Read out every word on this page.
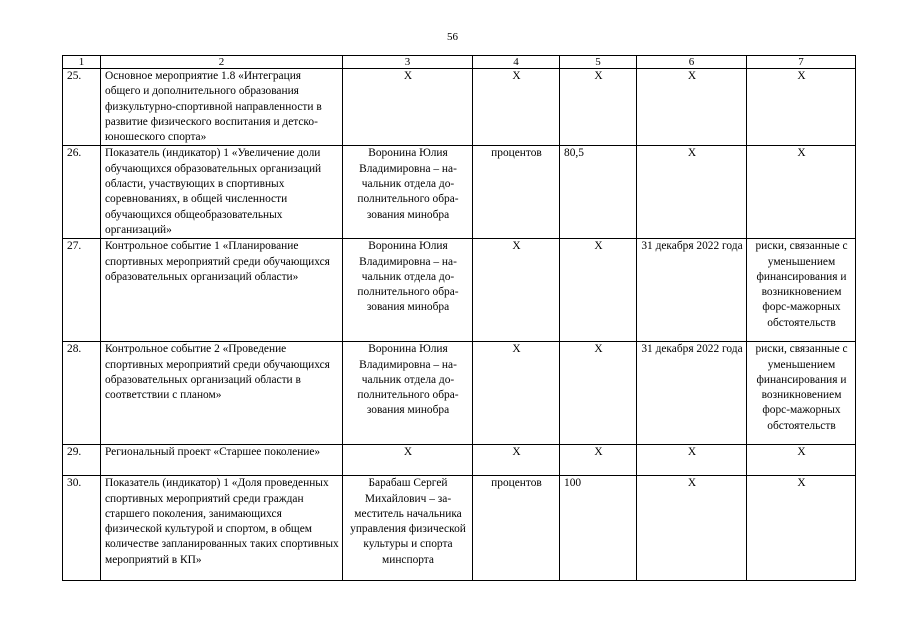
56
1	2	3	4	5	6	7
25.	Основное мероприятие 1.8 «Интеграция общего и дополнительного образования физкультурно-спортивной направленности в развитие физического воспитания и детско-юношеского спорта»	Х	Х	Х	Х	Х
26.	Показатель (индикатор) 1 «Увеличение доли обучающихся образовательных организаций области, участвующих в спортивных соревнованиях, в общей численности обучающихся общеобразовательных организаций»	Воронина Юлия Владимировна – начальник отдела дополнительного образования минобра	процентов	80,5	Х	Х
27.	Контрольное событие 1 «Планирование спортивных мероприятий среди обучающихся образовательных организаций области»	Воронина Юлия Владимировна – начальник отдела дополнительного образования минобра	Х	Х	31 декабря 2022 года	риски, связанные с уменьшением финансирования и возникновением форс-мажорных обстоятельств
28.	Контрольное событие 2 «Проведение спортивных мероприятий среди обучающихся образовательных организаций области в соответствии с планом»	Воронина Юлия Владимировна – начальник отдела дополнительного образования минобра	Х	Х	31 декабря 2022 года	риски, связанные с уменьшением финансирования и возникновением форс-мажорных обстоятельств
29.	Региональный проект «Старшее поколение»	Х	Х	Х	Х	Х
30.	Показатель (индикатор) 1 «Доля проведенных спортивных мероприятий среди граждан старшего поколения, занимающихся физической культурой и спортом, в общем количестве запланированных таких спортивных мероприятий в КП»	Барабаш Сергей Михайлович – заместитель начальника управления физической культуры и спорта минспорта	процентов	100	Х	Х
